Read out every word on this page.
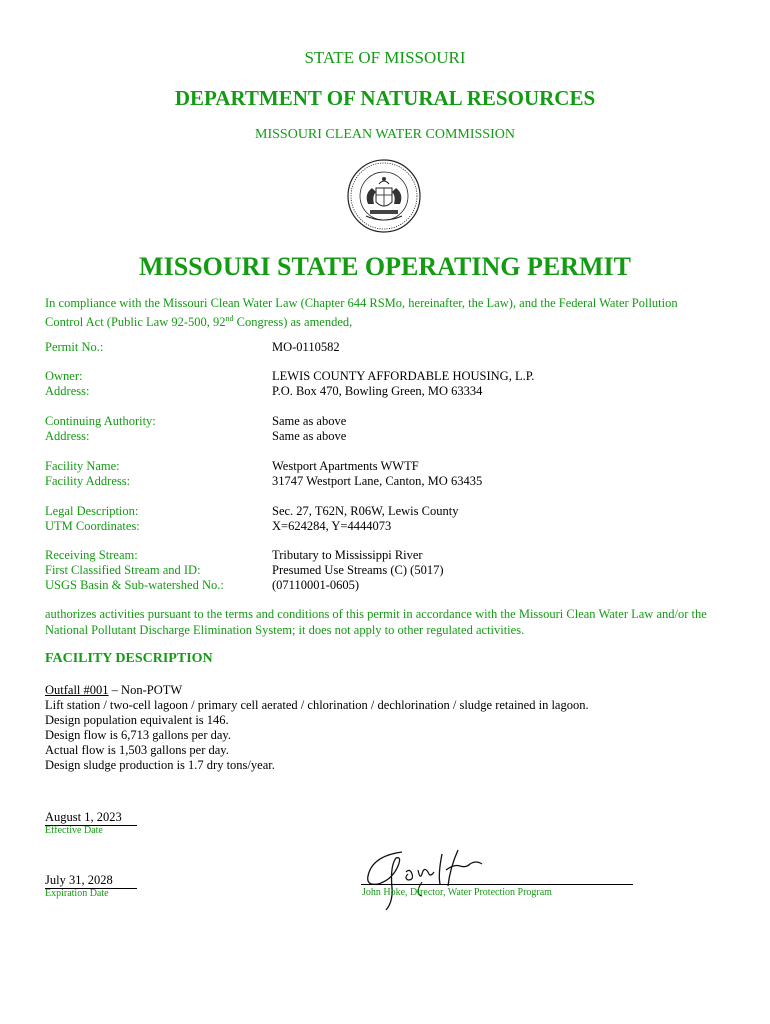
STATE OF MISSOURI
DEPARTMENT OF NATURAL RESOURCES
MISSOURI CLEAN WATER COMMISSION
MISSOURI STATE OPERATING PERMIT
In compliance with the Missouri Clean Water Law (Chapter 644 RSMo, hereinafter, the Law), and the Federal Water Pollution
Control Act (Public Law 92-500, 92nd Congress) as amended,
Permit No.:	MO-0110582
Owner:	LEWIS COUNTY AFFORDABLE HOUSING, L.P.
Address:	P.O. Box 470, Bowling Green, MO 63334
Continuing Authority:	Same as above
Address:	Same as above
Facility Name:	Westport Apartments WWTF
Facility Address:	31747 Westport Lane, Canton, MO 63435
Legal Description:	Sec. 27, T62N, R06W, Lewis County
UTM Coordinates:	X=624284, Y=4444073
Receiving Stream:	Tributary to Mississippi River
First Classified Stream and ID:	Presumed Use Streams (C) (5017)
USGS Basin & Sub-watershed No.:	(07110001-0605)
authorizes activities pursuant to the terms and conditions of this permit in accordance with the Missouri Clean Water Law and/or the
National Pollutant Discharge Elimination System; it does not apply to other regulated activities.
FACILITY DESCRIPTION
Outfall #001 – Non-POTW
Lift station / two-cell lagoon / primary cell aerated / chlorination / dechlorination / sludge retained in lagoon.
Design population equivalent is 146.
Design flow is 6,713 gallons per day.
Actual flow is 1,503 gallons per day.
Design sludge production is 1.7 dry tons/year.
August 1, 2023
Effective Date
July 31, 2028
Expiration Date	John Hoke, Director, Water Protection Program
